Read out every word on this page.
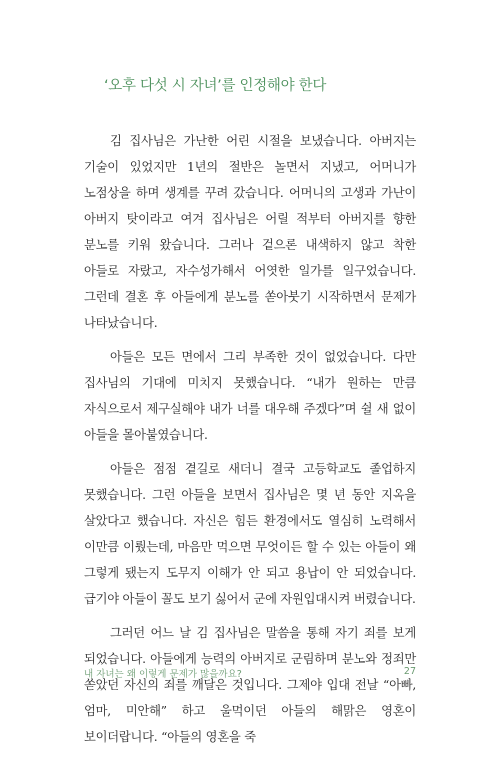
‘오후 다섯 시 자녀’를 인정해야 한다

김 집사님은 가난한 어린 시절을 보냈습니다. 아버지는 기술이 있었지만 1년의 절반은 놀면서 지냈고, 어머니가 노점상을 하며 생계를 꾸려 갔습니다. 어머니의 고생과 가난이 아버지 탓이라고 여겨 집사님은 어릴 적부터 아버지를 향한 분노를 키워 왔습니다. 그러나 겉으론 내색하지 않고 착한 아들로 자랐고, 자수성가해서 어엿한 일가를 일구었습니다. 그런데 결혼 후 아들에게 분노를 쏟아붓기 시작하면서 문제가 나타났습니다.

아들은 모든 면에서 그리 부족한 것이 없었습니다. 다만 집사님의 기대에 미치지 못했습니다. “내가 원하는 만큼 자식으로서 제구실해야 내가 너를 대우해 주겠다”며 쉴 새 없이 아들을 몰아붙였습니다.

아들은 점점 곁길로 새더니 결국 고등학교도 졸업하지 못했습니다. 그런 아들을 보면서 집사님은 몇 년 동안 지옥을 살았다고 했습니다. 자신은 힘든 환경에서도 열심히 노력해서 이만큼 이뤘는데, 마음만 먹으면 무엇이든 할 수 있는 아들이 왜 그렇게 됐는지 도무지 이해가 안 되고 용납이 안 되었습니다. 급기야 아들이 꼴도 보기 싫어서 군에 자원입대시켜 버렸습니다.

그러던 어느 날 김 집사님은 말씀을 통해 자기 죄를 보게 되었습니다. 아들에게 능력의 아버지로 군림하며 분노와 정죄만 쏟았던 자신의 죄를 깨달은 것입니다. 그제야 입대 전날 “아빠, 엄마, 미안해” 하고 울먹이던 아들의 해맑은 영혼이 보이더랍니다. “아들의 영혼을 죽

내 자녀는 왜 이렇게 문제가 많을까요?	27
